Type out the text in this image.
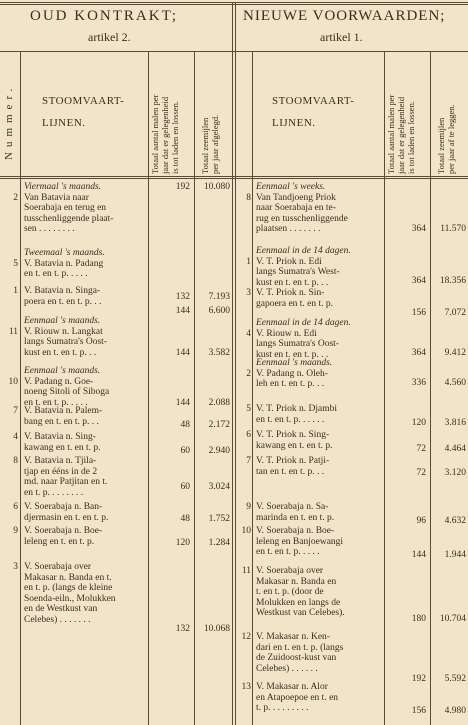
OUD KONTRAKT;
artikel 2.
NIEUWE VOORWAARDEN;
artikel 1.
Nummer. STOOMVAART-
LIJNEN.	Totaal aantal malen per jaar dat er gelegenheid is tot laden en lossen. Totaal zeemijlen per jaar afgelegd.
STOOMVAART-
LIJNEN.	Totaal aantal malen per jaar dat er gelegenheid is tot laden en lossen. Totaal zeemijlen per jaar af te leggen.
2
Viermaal 's maands.
Van Batavia naar
Soerabaja en terug en
tusschenliggende plaat-
sen . . . . . . . .
192	10.080
5
Tweemaal 's maands.
V. Batavia n. Padang
en t. en t. p. . . . .
132	7.193
1 V. Batavia n. Singa-
poera en t. en t. p. . .
144	6.600
11
Eenmaal 's maands.
V. Riouw n. Langkat
langs Sumatra's Oost-
kust en t. en t. p. . .	144	3.582
10
Eenmaal 's maands.
V. Padang n. Goe-
noeng Sitoli of Siboga
en t. en t. p. . . . .	144	2.088
7 V. Batavia n. Palem-
bang en t. en t. p. . .	48	2.172
4 V. Batavia n. Sing-
kawang en t. en t. p.	60	2.940
8 V. Batavia n. Tjila-
tjap en ééns in de 2
md. naar Patjitan en t.
en t. p. . . . . . . .
60	3.024
6 V. Soerabaja n. Ban-
djermasin en t. en t. p.	48	1.752
9 V. Soerabaja n. Boe-
leleng en t. en t. p.	120	1.284
3 V. Soerabaja over
Makasar n. Banda en t.
en t. p. (langs de kleine
Soenda-eiln., Molukken
en de Westkust van
Celebes) . . . . . . .
132	10.068
8
Eenmaal 's weeks.
Van Tandjoeng Priok
naar Soerabaja en te-
rug en tusschenliggende
plaatsen . . . . . . .	364	11.570
1
Eenmaal in de 14 dagen.
V. T. Priok n. Edi
langs Sumatra's West-
kust en t. en t. p. . .	364	18.356
3 V. T. Priok n. Sin-
gapoera en t. en t. p.
156	7.072
4
Eenmaal in de 14 dagen.
V. Riouw n. Edi
langs Sumatra's Oost-
kust en t. en t. p. . .	364	9.412
2
Eenmaal 's maands.
V. Padang n. Oleh-
leh en t. en t. p. . .	336	4.560
5 V. T. Priok n. Djambi
en t. en t. p. . . . . .	120	3.816
6 V. T. Priok n. Sing-
kawang en t. en t. p.	72	4.464
7 V. T. Priok n. Patji-
tan en t. en t. p. . .	72	3.120
9 V. Soerabaja n. Sa-
marinda en t. en t. p.	96	4.632
10 V. Soerabaja n. Boe-
leleng en Banjoewangi
en t. en t. p. . . . .	144	1.944
11 V. Soerabaja over
Makasar n. Banda en
t. en t. p. (door de
Molukken en langs de
Westkust van Celebes).
180	10.704
12 V. Makasar n. Ken-
dari en t. en t. p. (langs
de Zuidoost-kust van
Celebes) . . . . . .
192	5.592
13 V. Makasar n. Alor
en Atapoepoe en t. en
t. p. . . . . . . . .	156	4.980
